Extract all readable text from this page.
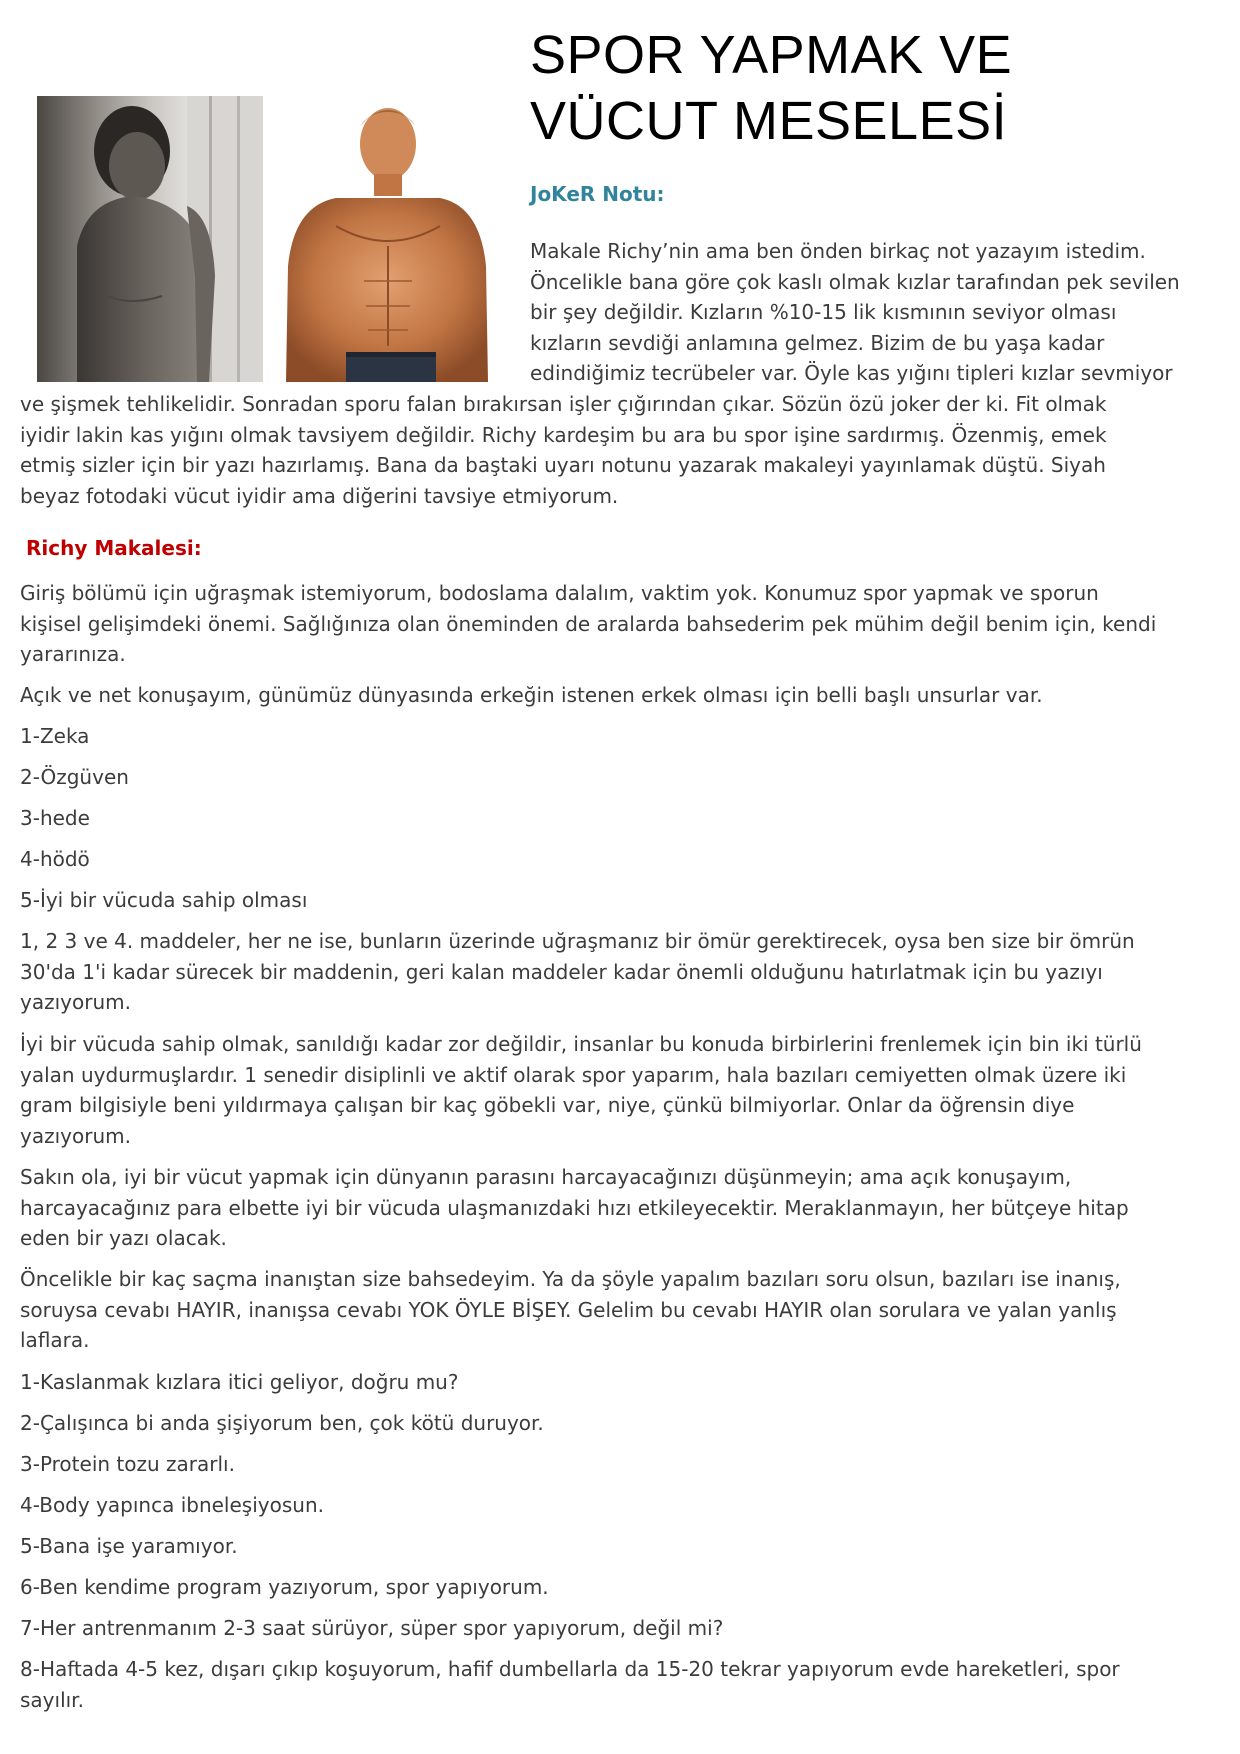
SPOR YAPMAK VE
VÜCUT MESELESİ

JoKeR Notu:

Makale Richy’nin ama ben önden birkaç not yazayım istedim.
Öncelikle bana göre çok kaslı olmak kızlar tarafından pek sevilen
bir şey değildir. Kızların %10-15 lik kısmının seviyor olması
kızların sevdiği anlamına gelmez. Bizim de bu yaşa kadar
edindiğimiz tecrübeler var. Öyle kas yığını tipleri kızlar sevmiyor

ve şişmek tehlikelidir. Sonradan sporu falan bırakırsan işler çığırından çıkar. Sözün özü joker der ki. Fit olmak
iyidir lakin kas yığını olmak tavsiyem değildir. Richy kardeşim bu ara bu spor işine sardırmış. Özenmiş, emek
etmiş sizler için bir yazı hazırlamış. Bana da baştaki uyarı notunu yazarak makaleyi yayınlamak düştü. Siyah
beyaz fotodaki vücut iyidir ama diğerini tavsiye etmiyorum.

Richy Makalesi:

Giriş bölümü için uğraşmak istemiyorum, bodoslama dalalım, vaktim yok. Konumuz spor yapmak ve sporun
kişisel gelişimdeki önemi. Sağlığınıza olan öneminden de aralarda bahsederim pek mühim değil benim için, kendi
yararınıza.

Açık ve net konuşayım, günümüz dünyasında erkeğin istenen erkek olması için belli başlı unsurlar var.

1-Zeka

2-Özgüven

3-hede

4-hödö

5-İyi bir vücuda sahip olması

1, 2 3 ve 4. maddeler, her ne ise, bunların üzerinde uğraşmanız bir ömür gerektirecek, oysa ben size bir ömrün
30'da 1'i kadar sürecek bir maddenin, geri kalan maddeler kadar önemli olduğunu hatırlatmak için bu yazıyı
yazıyorum.

İyi bir vücuda sahip olmak, sanıldığı kadar zor değildir, insanlar bu konuda birbirlerini frenlemek için bin iki türlü
yalan uydurmuşlardır. 1 senedir disiplinli ve aktif olarak spor yaparım, hala bazıları cemiyetten olmak üzere iki
gram bilgisiyle beni yıldırmaya çalışan bir kaç göbekli var, niye, çünkü bilmiyorlar. Onlar da öğrensin diye
yazıyorum.

Sakın ola, iyi bir vücut yapmak için dünyanın parasını harcayacağınızı düşünmeyin; ama açık konuşayım,
harcayacağınız para elbette iyi bir vücuda ulaşmanızdaki hızı etkileyecektir. Meraklanmayın, her bütçeye hitap
eden bir yazı olacak.

Öncelikle bir kaç saçma inanıştan size bahsedeyim. Ya da şöyle yapalım bazıları soru olsun, bazıları ise inanış,
soruysa cevabı HAYIR, inanışsa cevabı YOK ÖYLE BİŞEY. Gelelim bu cevabı HAYIR olan sorulara ve yalan yanlış
laflara.

1-Kaslanmak kızlara itici geliyor, doğru mu?

2-Çalışınca bi anda şişiyorum ben, çok kötü duruyor.

3-Protein tozu zararlı.

4-Body yapınca ibneleşiyosun.

5-Bana işe yaramıyor.

6-Ben kendime program yazıyorum, spor yapıyorum.

7-Her antrenmanım 2-3 saat sürüyor, süper spor yapıyorum, değil mi?

8-Haftada 4-5 kez, dışarı çıkıp koşuyorum, hafif dumbellarla da 15-20 tekrar yapıyorum evde hareketleri, spor
sayılır.
